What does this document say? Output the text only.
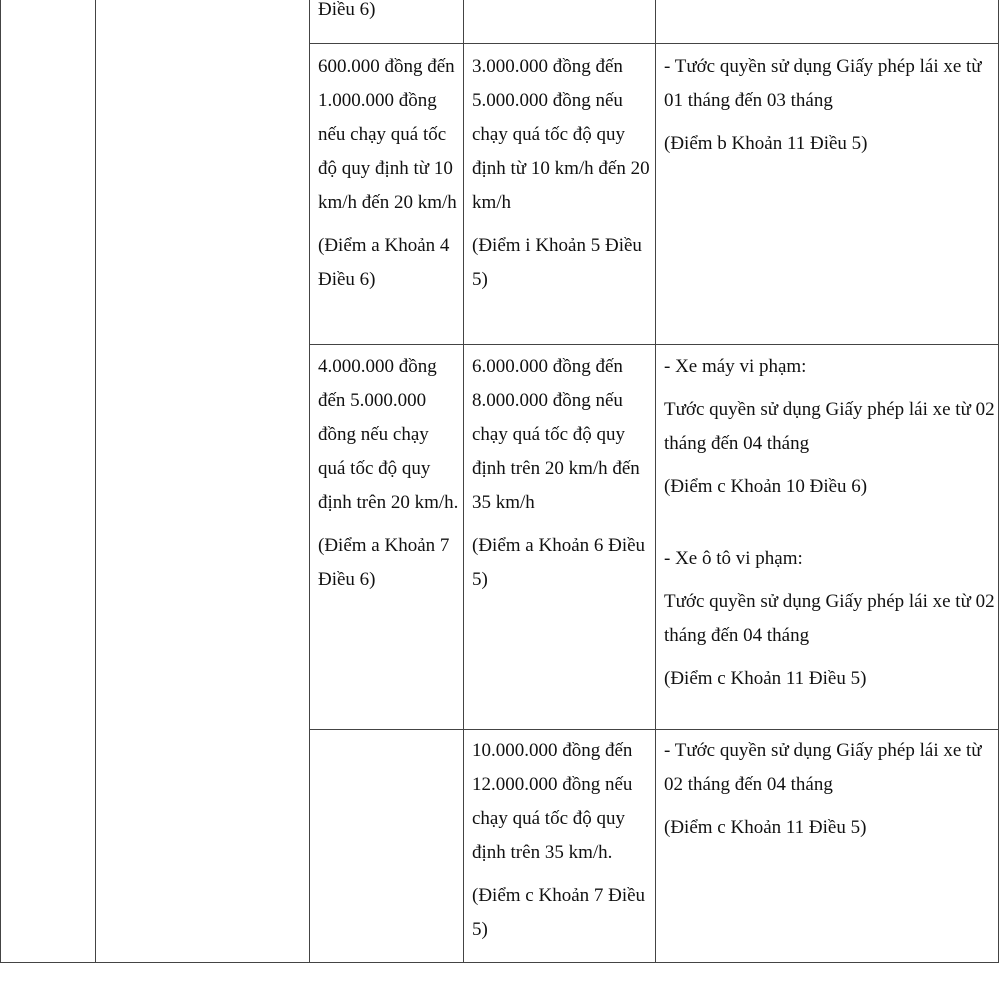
Điều 6)

600.000 đồng đến 1.000.000 đồng nếu chạy quá tốc độ quy định từ 10 km/h đến 20 km/h

(Điểm a Khoản 4 Điều 6)

3.000.000 đồng đến 5.000.000 đồng nếu chạy quá tốc độ quy định từ 10 km/h đến 20 km/h

(Điểm i Khoản 5 Điều 5)

- Tước quyền sử dụng Giấy phép lái xe từ 01 tháng đến 03 tháng

(Điểm b Khoản 11 Điều 5)

4.000.000 đồng đến 5.000.000 đồng nếu chạy quá tốc độ quy định trên 20 km/h.

(Điểm a Khoản 7 Điều 6)

6.000.000 đồng đến 8.000.000 đồng nếu chạy quá tốc độ quy định trên 20 km/h đến 35 km/h

(Điểm a Khoản 6 Điều 5)

- Xe máy vi phạm:

Tước quyền sử dụng Giấy phép lái xe từ 02 tháng đến 04 tháng

(Điểm c Khoản 10 Điều 6)

- Xe ô tô vi phạm:

Tước quyền sử dụng Giấy phép lái xe từ 02 tháng đến 04 tháng

(Điểm c Khoản 11 Điều 5)

10.000.000 đồng đến 12.000.000 đồng nếu chạy quá tốc độ quy định trên 35 km/h.

(Điểm c Khoản 7 Điều 5)

- Tước quyền sử dụng Giấy phép lái xe từ 02 tháng đến 04 tháng

(Điểm c Khoản 11 Điều 5)
